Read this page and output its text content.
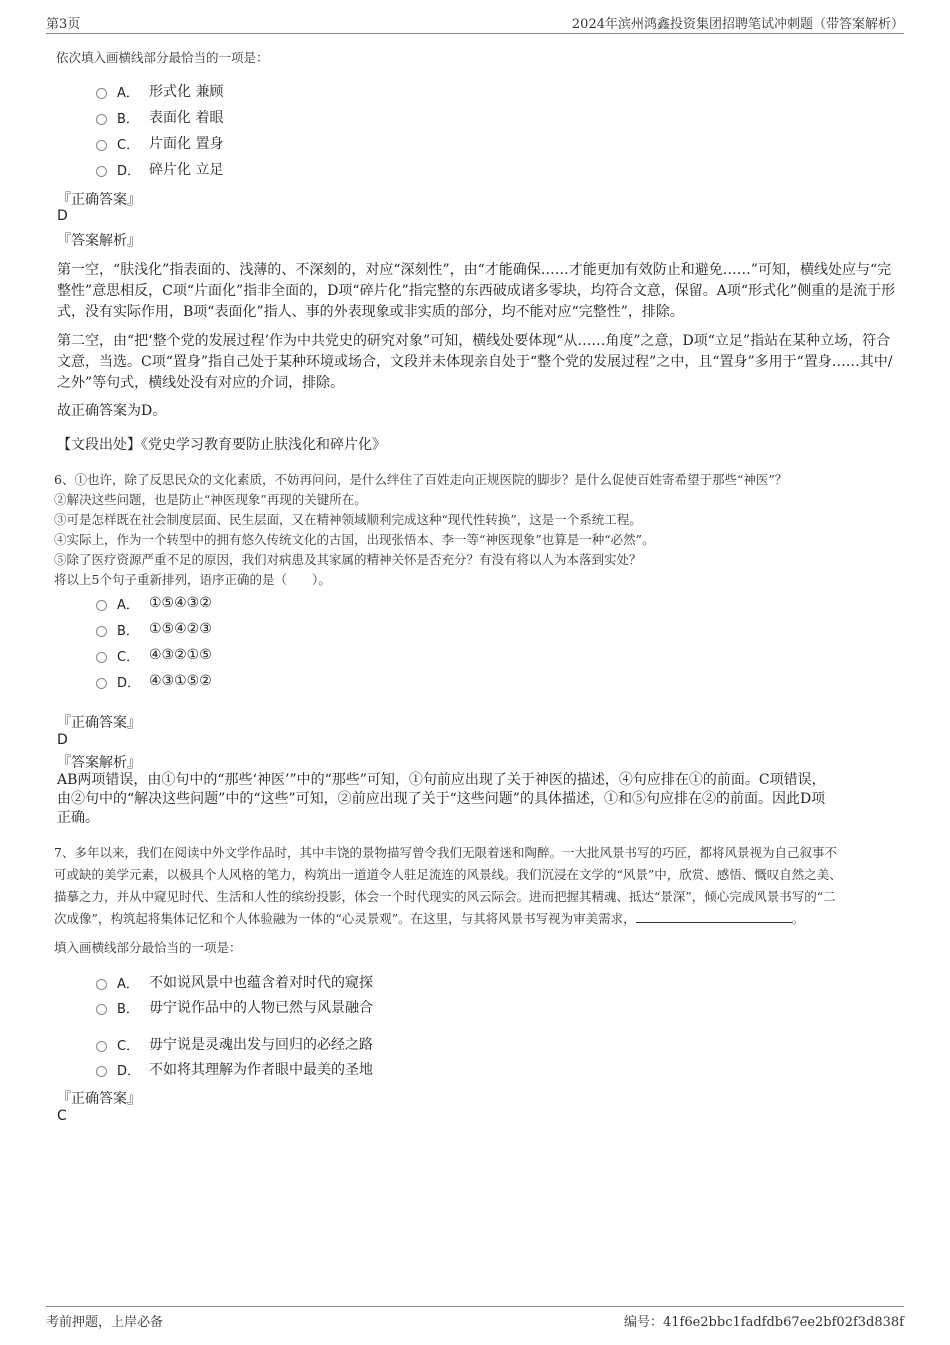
第3页	2024年滨州鸿鑫投资集团招聘笔试冲刺题（带答案解析）
依次填入画横线部分最恰当的一项是：
A． 形式化 兼顾
B． 表面化 着眼
C． 片面化 置身
D． 碎片化 立足
『正确答案』
D
『答案解析』
第一空，“肤浅化”指表面的、浅薄的、不深刻的，对应“深刻性”，由“才能确保……才能更加有效防止和避免……”可知，横线处应与“完整性”意思相反，C项“片面化”指非全面的，D项“碎片化”指完整的东西破成诸多零块，均符合文意，保留。A项“形式化”侧重的是流于形式，没有实际作用，B项“表面化”指人、事的外表现象或非实质的部分，均不能对应“完整性”，排除。
第二空，由“把‘整个党的发展过程’作为中共党史的研究对象”可知，横线处要体现“从……角度”之意，D项“立足”指站在某种立场，符合文意，当选。C项“置身”指自己处于某种环境或场合，文段并未体现亲自处于“整个党的发展过程”之中，且“置身”多用于“置身……其中/之外”等句式，横线处没有对应的介词，排除。
故正确答案为D。
【文段出处】《党史学习教育要防止肤浅化和碎片化》
6、①也许，除了反思民众的文化素质，不妨再问问，是什么绊住了百姓走向正规医院的脚步？是什么促使百姓寄希望于那些“神医”？
②解决这些问题，也是防止“神医现象”再现的关键所在。
③可是怎样既在社会制度层面、民生层面，又在精神领域顺利完成这种“现代性转换”，这是一个系统工程。
④实际上，作为一个转型中的拥有悠久传统文化的古国，出现张悟本、李一等“神医现象”也算是一种“必然”。
⑤除了医疗资源严重不足的原因，我们对病患及其家属的精神关怀是否充分？有没有将以人为本落到实处？
将以上5个句子重新排列，语序正确的是（　　）。
A． ①⑤④③②
B． ①⑤④②③
C． ④③②①⑤
D． ④③①⑤②
『正确答案』
D
『答案解析』
AB两项错误，由①句中的“那些‘神医’”中的“那些”可知，①句前应出现了关于神医的描述，④句应排在①的前面。C项错误，
由②句中的“解决这些问题”中的“这些”可知，②前应出现了关于“这些问题”的具体描述，①和⑤句应排在②的前面。因此D项
正确。
7、多年以来，我们在阅读中外文学作品时，其中丰饶的景物描写曾令我们无限着迷和陶醉。一大批风景书写的巧匠，都将风景视为自己叙事不
可或缺的美学元素，以极具个人风格的笔力，构筑出一道道令人驻足流连的风景线。我们沉浸在文学的“风景”中，欣赏、感悟、慨叹自然之美、
描摹之力，并从中窥见时代、生活和人性的缤纷投影，体会一个时代现实的风云际会。进而把握其精魂、抵达“景深”，倾心完成风景书写的“二
次成像”，构筑起将集体记忆和个人体验融为一体的“心灵景观”。在这里，与其将风景书写视为审美需求，	。
填入画横线部分最恰当的一项是：
A． 不如说风景中也蕴含着对时代的窥探
B． 毋宁说作品中的人物已然与风景融合
C． 毋宁说是灵魂出发与回归的必经之路
D． 不如将其理解为作者眼中最美的圣地
『正确答案』
C
考前押题，上岸必备	编号：41f6e2bbc1fadfdb67ee2bf02f3d838f
